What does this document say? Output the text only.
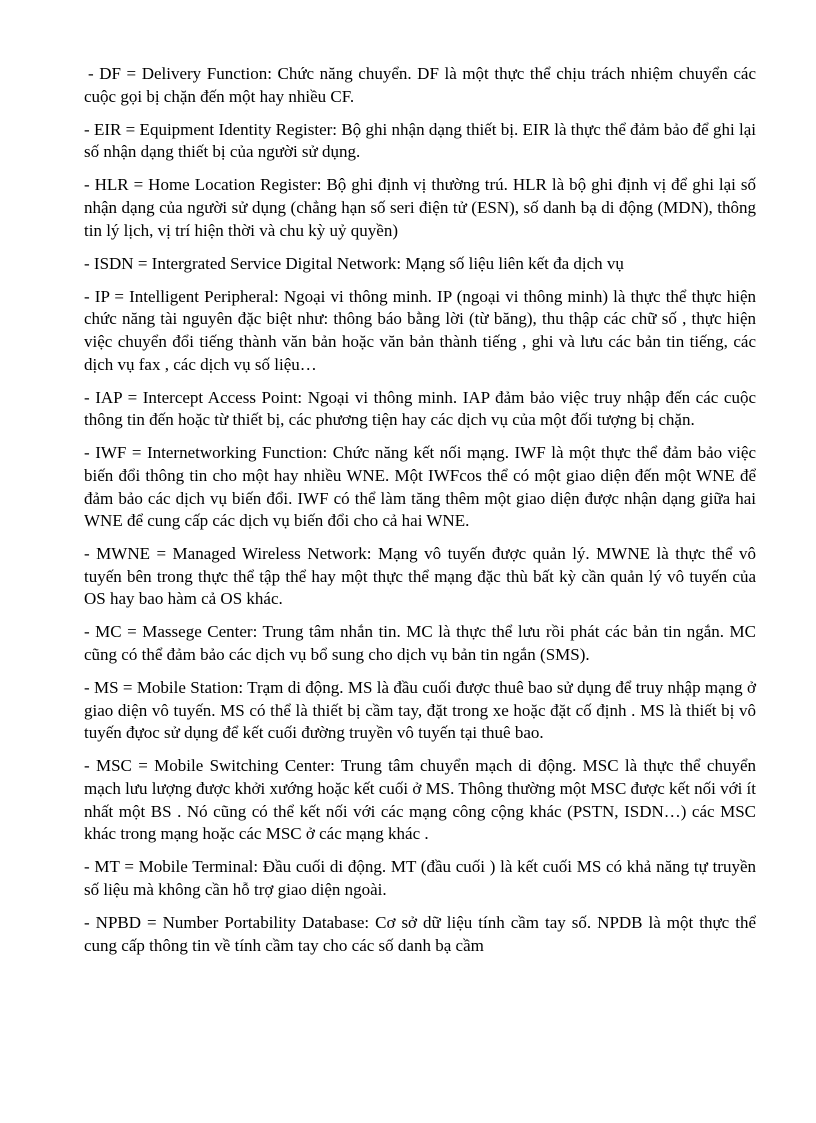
- DF = Delivery Function: Chức năng chuyển. DF là một thực thể chịu trách nhiệm chuyển các cuộc gọi bị chặn đến một hay nhiều CF.

- EIR = Equipment Identity Register: Bộ ghi nhận dạng thiết bị. EIR là thực thể đảm bảo để ghi lại số nhận dạng thiết bị của người sử dụng.

- HLR = Home Location Register: Bộ ghi định vị thường trú. HLR là bộ ghi định vị để ghi lại số nhận dạng của người sử dụng (chẳng hạn số seri điện tử (ESN), số danh bạ di động (MDN), thông tin lý lịch, vị trí hiện thời và chu kỳ uỷ quyền)

- ISDN = Intergrated Service Digital Network: Mạng số liệu liên kết đa dịch vụ

- IP = Intelligent Peripheral: Ngoại vi thông minh. IP (ngoại vi thông minh) là thực thể thực hiện chức năng tài nguyên đặc biệt như: thông báo bằng lời (từ băng), thu thập các chữ số , thực hiện việc chuyển đổi tiếng thành văn bản hoặc văn bản thành tiếng , ghi và lưu các bản tin tiếng, các dịch vụ fax , các dịch vụ số liệu…

- IAP = Intercept Access Point: Ngoại vi thông minh. IAP đảm bảo việc truy nhập đến các cuộc thông tin đến hoặc từ thiết bị, các phương tiện hay các dịch vụ của một đối tượng bị chặn.

- IWF = Internetworking Function: Chức năng kết nối mạng. IWF là một thực thể đảm bảo việc biến đổi thông tin cho một hay nhiều WNE. Một IWFcos thể có một giao diện đến một WNE để đảm bảo các dịch vụ biến đổi. IWF có thể làm tăng thêm một giao diện được nhận dạng giữa hai WNE để cung cấp các dịch vụ biến đổi cho cả hai WNE.

- MWNE = Managed Wireless Network: Mạng vô tuyến được quản lý. MWNE là thực thể vô tuyến bên trong thực thể tập thể hay một thực thể mạng đặc thù bất kỳ cần quản lý vô tuyến của OS hay bao hàm cả OS khác.

- MC = Massege Center: Trung tâm nhắn tin. MC là thực thể lưu rồi phát các bản tin ngắn. MC cũng có thể đảm bảo các dịch vụ bổ sung cho dịch vụ bản tin ngắn (SMS).

- MS = Mobile Station: Trạm di động. MS là đầu cuối được thuê bao sử dụng để truy nhập mạng ở giao diện vô tuyến. MS có thể là thiết bị cầm tay, đặt trong xe hoặc đặt cố định . MS là thiết bị vô tuyến đựoc sử dụng để kết cuối đường truyền vô tuyến tại thuê bao.

- MSC = Mobile Switching Center: Trung tâm chuyển mạch di động. MSC là thực thể chuyển mạch lưu lượng được khởi xướng hoặc kết cuối ở MS. Thông thường một MSC được kết nối với ít nhất một BS . Nó cũng có thể kết nối với các mạng công cộng khác (PSTN, ISDN…) các MSC khác trong mạng hoặc các MSC ở các mạng khác .

- MT = Mobile Terminal: Đầu cuối di động. MT (đầu cuối ) là kết cuối MS có khả năng tự truyền số liệu mà không cần hỗ trợ giao diện ngoài.

- NPBD = Number Portability Database: Cơ sở dữ liệu tính cầm tay số. NPDB là một thực thể cung cấp thông tin về tính cầm tay cho các số danh bạ cầm
